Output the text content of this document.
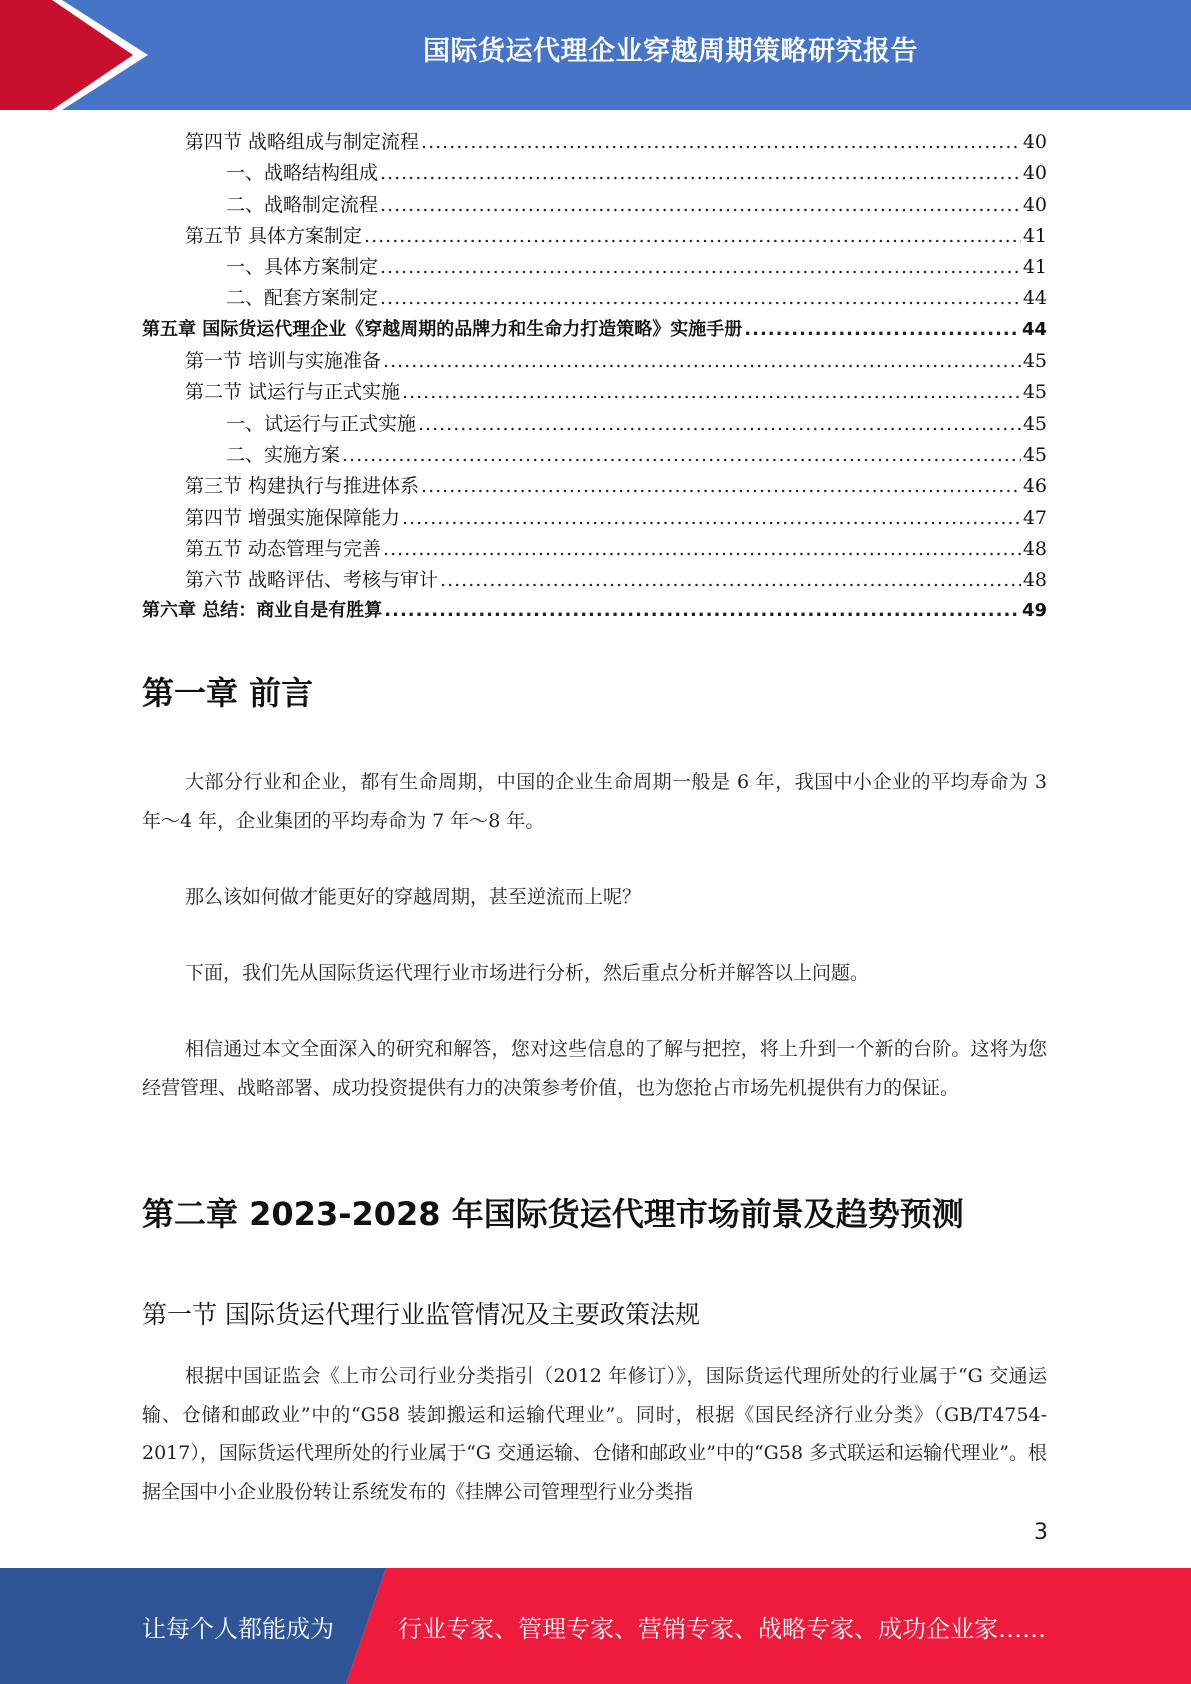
国际货运代理企业穿越周期策略研究报告
第四节 战略组成与制定流程 .....	40
一、战略结构组成 .....	40
二、战略制定流程 .....	40
第五节 具体方案制定 .....	41
一、具体方案制定 .....	41
二、配套方案制定 .....	44
第五章 国际货运代理企业《穿越周期的品牌力和生命力打造策略》实施手册 .....	44
第一节 培训与实施准备 .....	45
第二节 试运行与正式实施 .....	45
一、试运行与正式实施 .....	45
二、实施方案 .....	45
第三节 构建执行与推进体系 .....	46
第四节 增强实施保障能力 .....	47
第五节 动态管理与完善 .....	48
第六节 战略评估、考核与审计 .....	48
第六章 总结：商业自是有胜算 .....	49
第一章 前言
大部分行业和企业，都有生命周期，中国的企业生命周期一般是 6 年，我国中小企业的平均寿命为 3 年～4 年，企业集团的平均寿命为 7 年～8 年。
那么该如何做才能更好的穿越周期，甚至逆流而上呢？
下面，我们先从国际货运代理行业市场进行分析，然后重点分析并解答以上问题。
相信通过本文全面深入的研究和解答，您对这些信息的了解与把控，将上升到一个新的台阶。这将为您经营管理、战略部署、成功投资提供有力的决策参考价值，也为您抢占市场先机提供有力的保证。
第二章 2023-2028 年国际货运代理市场前景及趋势预测
第一节 国际货运代理行业监管情况及主要政策法规
根据中国证监会《上市公司行业分类指引（2012 年修订）》，国际货运代理所处的行业属于“G 交通运输、仓储和邮政业”中的“G58 装卸搬运和运输代理业”。同时，根据《国民经济行业分类》（GB/T4754-2017），国际货运代理所处的行业属于“G 交通运输、仓储和邮政业”中的“G58 多式联运和运输代理业”。根据全国中小企业股份转让系统发布的《挂牌公司管理型行业分类指
3
让每个人都能成为	行业专家、管理专家、营销专家、战略专家、成功企业家……
